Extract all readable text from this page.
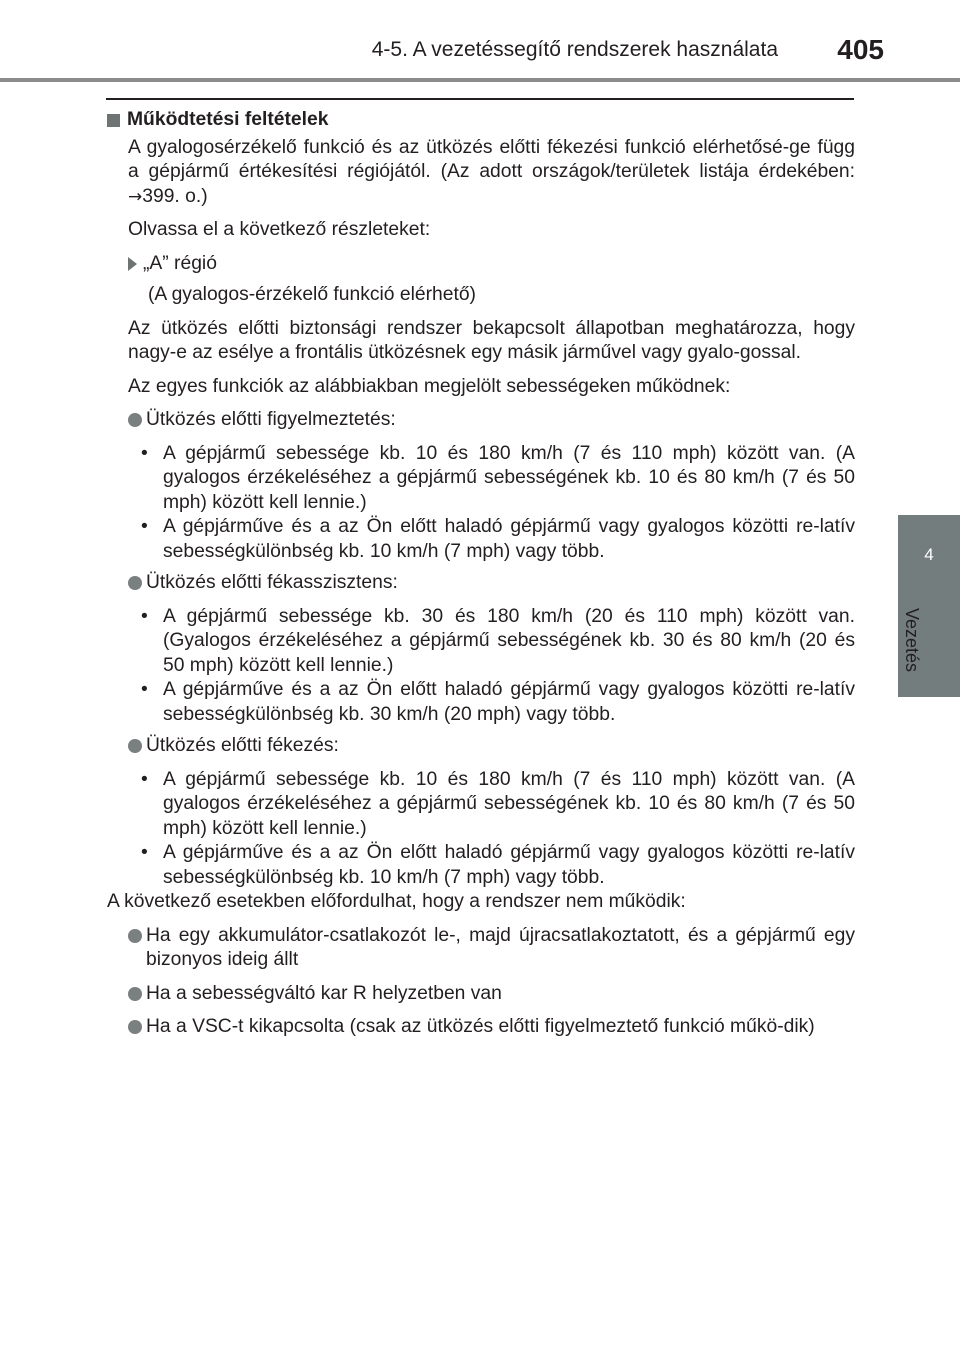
4-5. A vezetéssegítő rendszerek használata 405
4
Vezetés
Működtetési feltételek

A gyalogosérzékelő funkció és az ütközés előtti fékezési funkció elérhetősé-ge függ a gépjármű értékesítési régiójától. (Az adott országok/területek listája érdekében: →399. o.)

Olvassa el a következő részleteket:

„A” régió

(A gyalogos-érzékelő funkció elérhető)

Az ütközés előtti biztonsági rendszer bekapcsolt állapotban meghatározza, hogy nagy-e az esélye a frontális ütközésnek egy másik járművel vagy gyalo-gossal.

Az egyes funkciók az alábbiakban megjelölt sebességeken működnek:

Ütközés előtti figyelmeztetés:
• A gépjármű sebessége kb. 10 és 180 km/h (7 és 110 mph) között van. (A gyalogos érzékeléséhez a gépjármű sebességének kb. 10 és 80 km/h (7 és 50 mph) között kell lennie.)
• A gépjárműve és a az Ön előtt haladó gépjármű vagy gyalogos közötti re-latív sebességkülönbség kb. 10 km/h (7 mph) vagy több.
Ütközés előtti fékasszisztens:
• A gépjármű sebessége kb. 30 és 180 km/h (20 és 110 mph) között van. (Gyalogos érzékeléséhez a gépjármű sebességének kb. 30 és 80 km/h (20 és 50 mph) között kell lennie.)
• A gépjárműve és a az Ön előtt haladó gépjármű vagy gyalogos közötti re-latív sebességkülönbség kb. 30 km/h (20 mph) vagy több.
Ütközés előtti fékezés:
• A gépjármű sebessége kb. 10 és 180 km/h (7 és 110 mph) között van. (A gyalogos érzékeléséhez a gépjármű sebességének kb. 10 és 80 km/h (7 és 50 mph) között kell lennie.)
• A gépjárműve és a az Ön előtt haladó gépjármű vagy gyalogos közötti re-latív sebességkülönbség kb. 10 km/h (7 mph) vagy több.

A következő esetekben előfordulhat, hogy a rendszer nem működik:

Ha egy akkumulátor-csatlakozót le-, majd újracsatlakoztatott, és a gépjármű egy bizonyos ideig állt
Ha a sebességváltó kar R helyzetben van
Ha a VSC-t kikapcsolta (csak az ütközés előtti figyelmeztető funkció műkö-dik)
